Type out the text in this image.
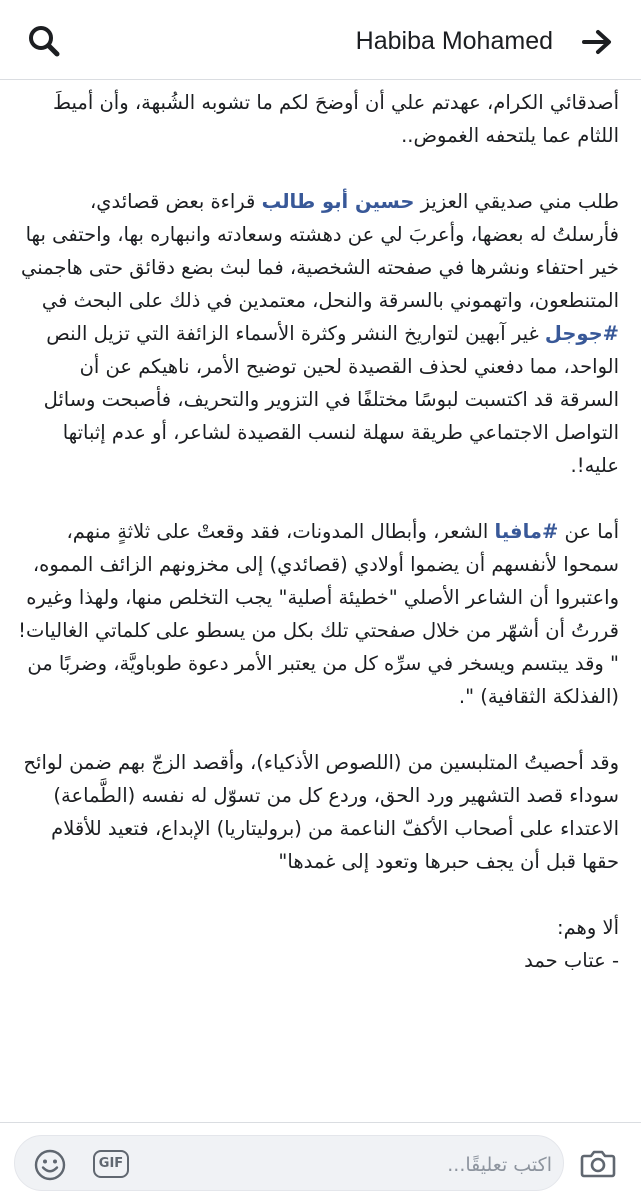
Habiba Mohamed

أصدقائي الكرام، عهدتم علي أن أوضحَ لكم ما تشوبه الشُبهة، وأن أميطَ اللثام عما يلتحفه الغموض..

طلب مني صديقي العزيز حسين أبو طالب قراءة بعض قصائدي، فأرسلتُ له بعضها، وأعربَ لي عن دهشته وسعادته وانبهاره بها، واحتفى بها خير احتفاء ونشرها في صفحته الشخصية، فما لبث بضع دقائق حتى هاجمني المتنطعون، واتهموني بالسرقة والنحل، معتمدين في ذلك على البحث في #جوجل غير آبهين لتواريخ النشر وكثرة الأسماء الزائفة التي تزيل النص الواحد، مما دفعني لحذف القصيدة لحين توضيح الأمر، ناهيكم عن أن السرقة قد اكتسبت لبوسًا مختلفًا في التزوير والتحريف، فأصبحت وسائل التواصل الاجتماعي طريقة سهلة لنسب القصيدة لشاعر، أو عدم إثباتها عليه!.

أما عن #مافيا الشعر، وأبطال المدونات، فقد وقعتْ على ثلاثةٍ منهم، سمحوا لأنفسهم أن يضموا أولادي (قصائدي) إلى مخزونهم الزائف المموه، واعتبروا أن الشاعر الأصلي "خطيئة أصلية" يجب التخلص منها، ولهذا وغيره قررتُ أن أشهّر من خلال صفحتي تلك بكل من يسطو على كلماتي الغاليات!

" وقد يبتسم ويسخر في سرِّه كل من يعتبر الأمر دعوة طوباويَّة، وضربًا من (الفذلكة الثقافية) ".

وقد أحصيتُ المتلبسين من (اللصوص الأذكياء)، وأقصد الزجّ بهم ضمن لوائح سوداء قصد التشهير ورد الحق، وردع كل من تسوّل له نفسه (الطَّماعة) الاعتداء على أصحاب الأكفّ الناعمة من (بروليتاريا) الإبداع، فتعيد للأقلام حقها قبل أن يجف حبرها وتعود إلى غمدها"

ألا وهم:

- عتاب حمد

GIF
اكتب تعليقًا...
